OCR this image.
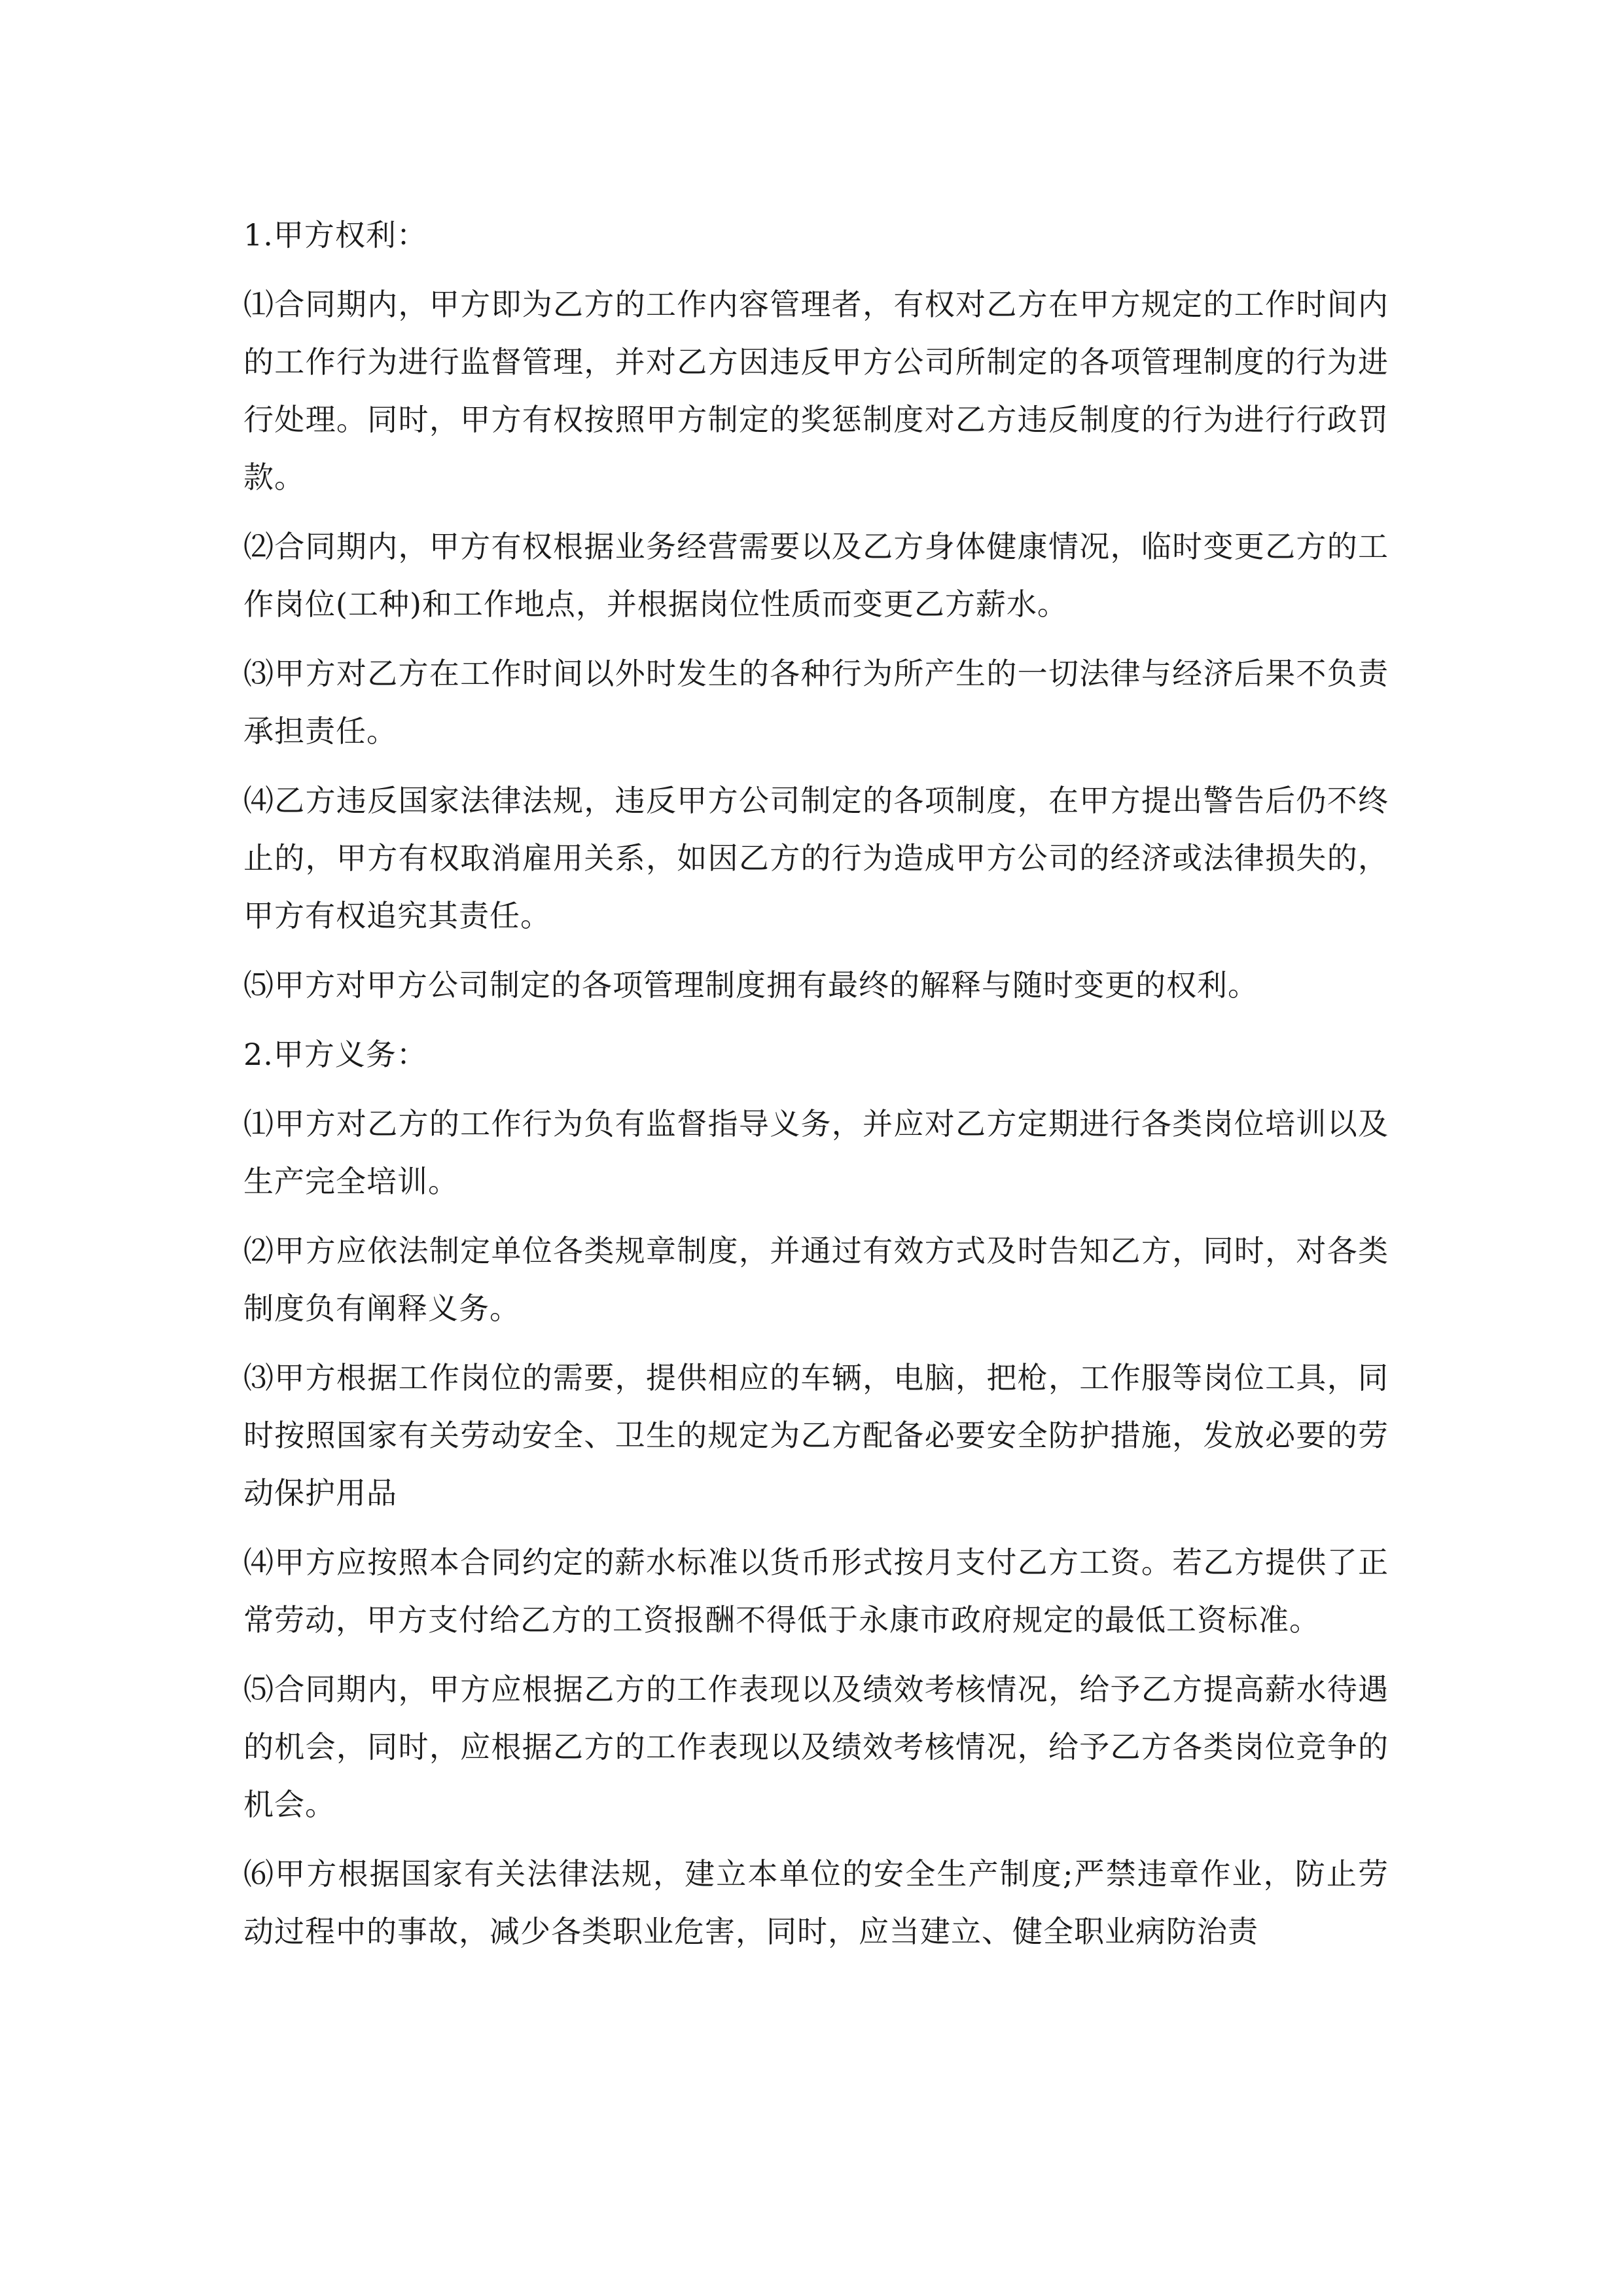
1.甲方权利：

⑴合同期内，甲方即为乙方的工作内容管理者，有权对乙方在甲方规定的工作时间内的工作行为进行监督管理，并对乙方因违反甲方公司所制定的各项管理制度的行为进行处理。同时，甲方有权按照甲方制定的奖惩制度对乙方违反制度的行为进行行政罚款。

⑵合同期内，甲方有权根据业务经营需要以及乙方身体健康情况，临时变更乙方的工作岗位(工种)和工作地点，并根据岗位性质而变更乙方薪水。

⑶甲方对乙方在工作时间以外时发生的各种行为所产生的一切法律与经济后果不负责承担责任。

⑷乙方违反国家法律法规，违反甲方公司制定的各项制度，在甲方提出警告后仍不终止的，甲方有权取消雇用关系，如因乙方的行为造成甲方公司的经济或法律损失的，甲方有权追究其责任。

⑸甲方对甲方公司制定的各项管理制度拥有最终的解释与随时变更的权利。

2.甲方义务：

⑴甲方对乙方的工作行为负有监督指导义务，并应对乙方定期进行各类岗位培训以及生产完全培训。

⑵甲方应依法制定单位各类规章制度，并通过有效方式及时告知乙方，同时，对各类制度负有阐释义务。

⑶甲方根据工作岗位的需要，提供相应的车辆，电脑，把枪，工作服等岗位工具，同时按照国家有关劳动安全、卫生的规定为乙方配备必要安全防护措施，发放必要的劳动保护用品

⑷甲方应按照本合同约定的薪水标准以货币形式按月支付乙方工资。若乙方提供了正常劳动，甲方支付给乙方的工资报酬不得低于永康市政府规定的最低工资标准。

⑸合同期内，甲方应根据乙方的工作表现以及绩效考核情况，给予乙方提高薪水待遇的机会，同时，应根据乙方的工作表现以及绩效考核情况，给予乙方各类岗位竞争的机会。

⑹甲方根据国家有关法律法规，建立本单位的安全生产制度;严禁违章作业，防止劳动过程中的事故，减少各类职业危害，同时，应当建立、健全职业病防治责
